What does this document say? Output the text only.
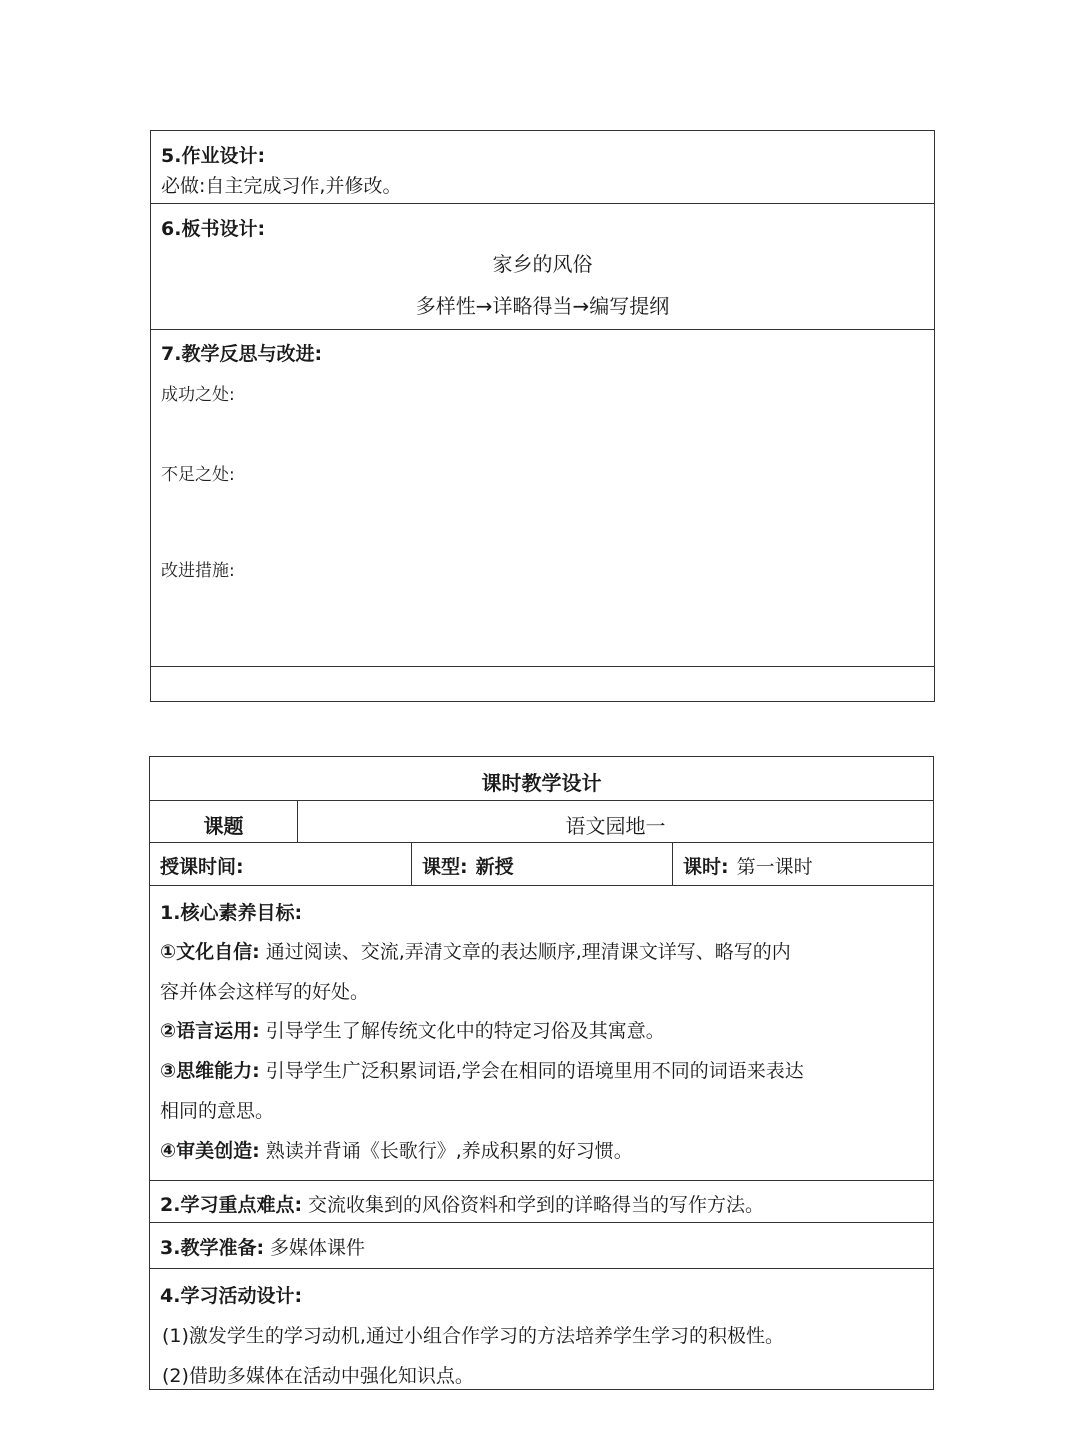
5.作业设计:
必做:自主完成习作,并修改。
6.板书设计:
家乡的风俗
多样性→详略得当→编写提纲
7.教学反思与改进:
成功之处:
不足之处:
改进措施:
课时教学设计
课题	语文园地一
授课时间:	课型: 新授	课时: 第一课时
1.核心素养目标:
①文化自信: 通过阅读、交流,弄清文章的表达顺序,理清课文详写、略写的内
容并体会这样写的好处。
②语言运用: 引导学生了解传统文化中的特定习俗及其寓意。
③思维能力: 引导学生广泛积累词语,学会在相同的语境里用不同的词语来表达
相同的意思。
④审美创造: 熟读并背诵《长歌行》,养成积累的好习惯。
2.学习重点难点: 交流收集到的风俗资料和学到的详略得当的写作方法。
3.教学准备: 多媒体课件
4.学习活动设计:
(1)激发学生的学习动机,通过小组合作学习的方法培养学生学习的积极性。
(2)借助多媒体在活动中强化知识点。
